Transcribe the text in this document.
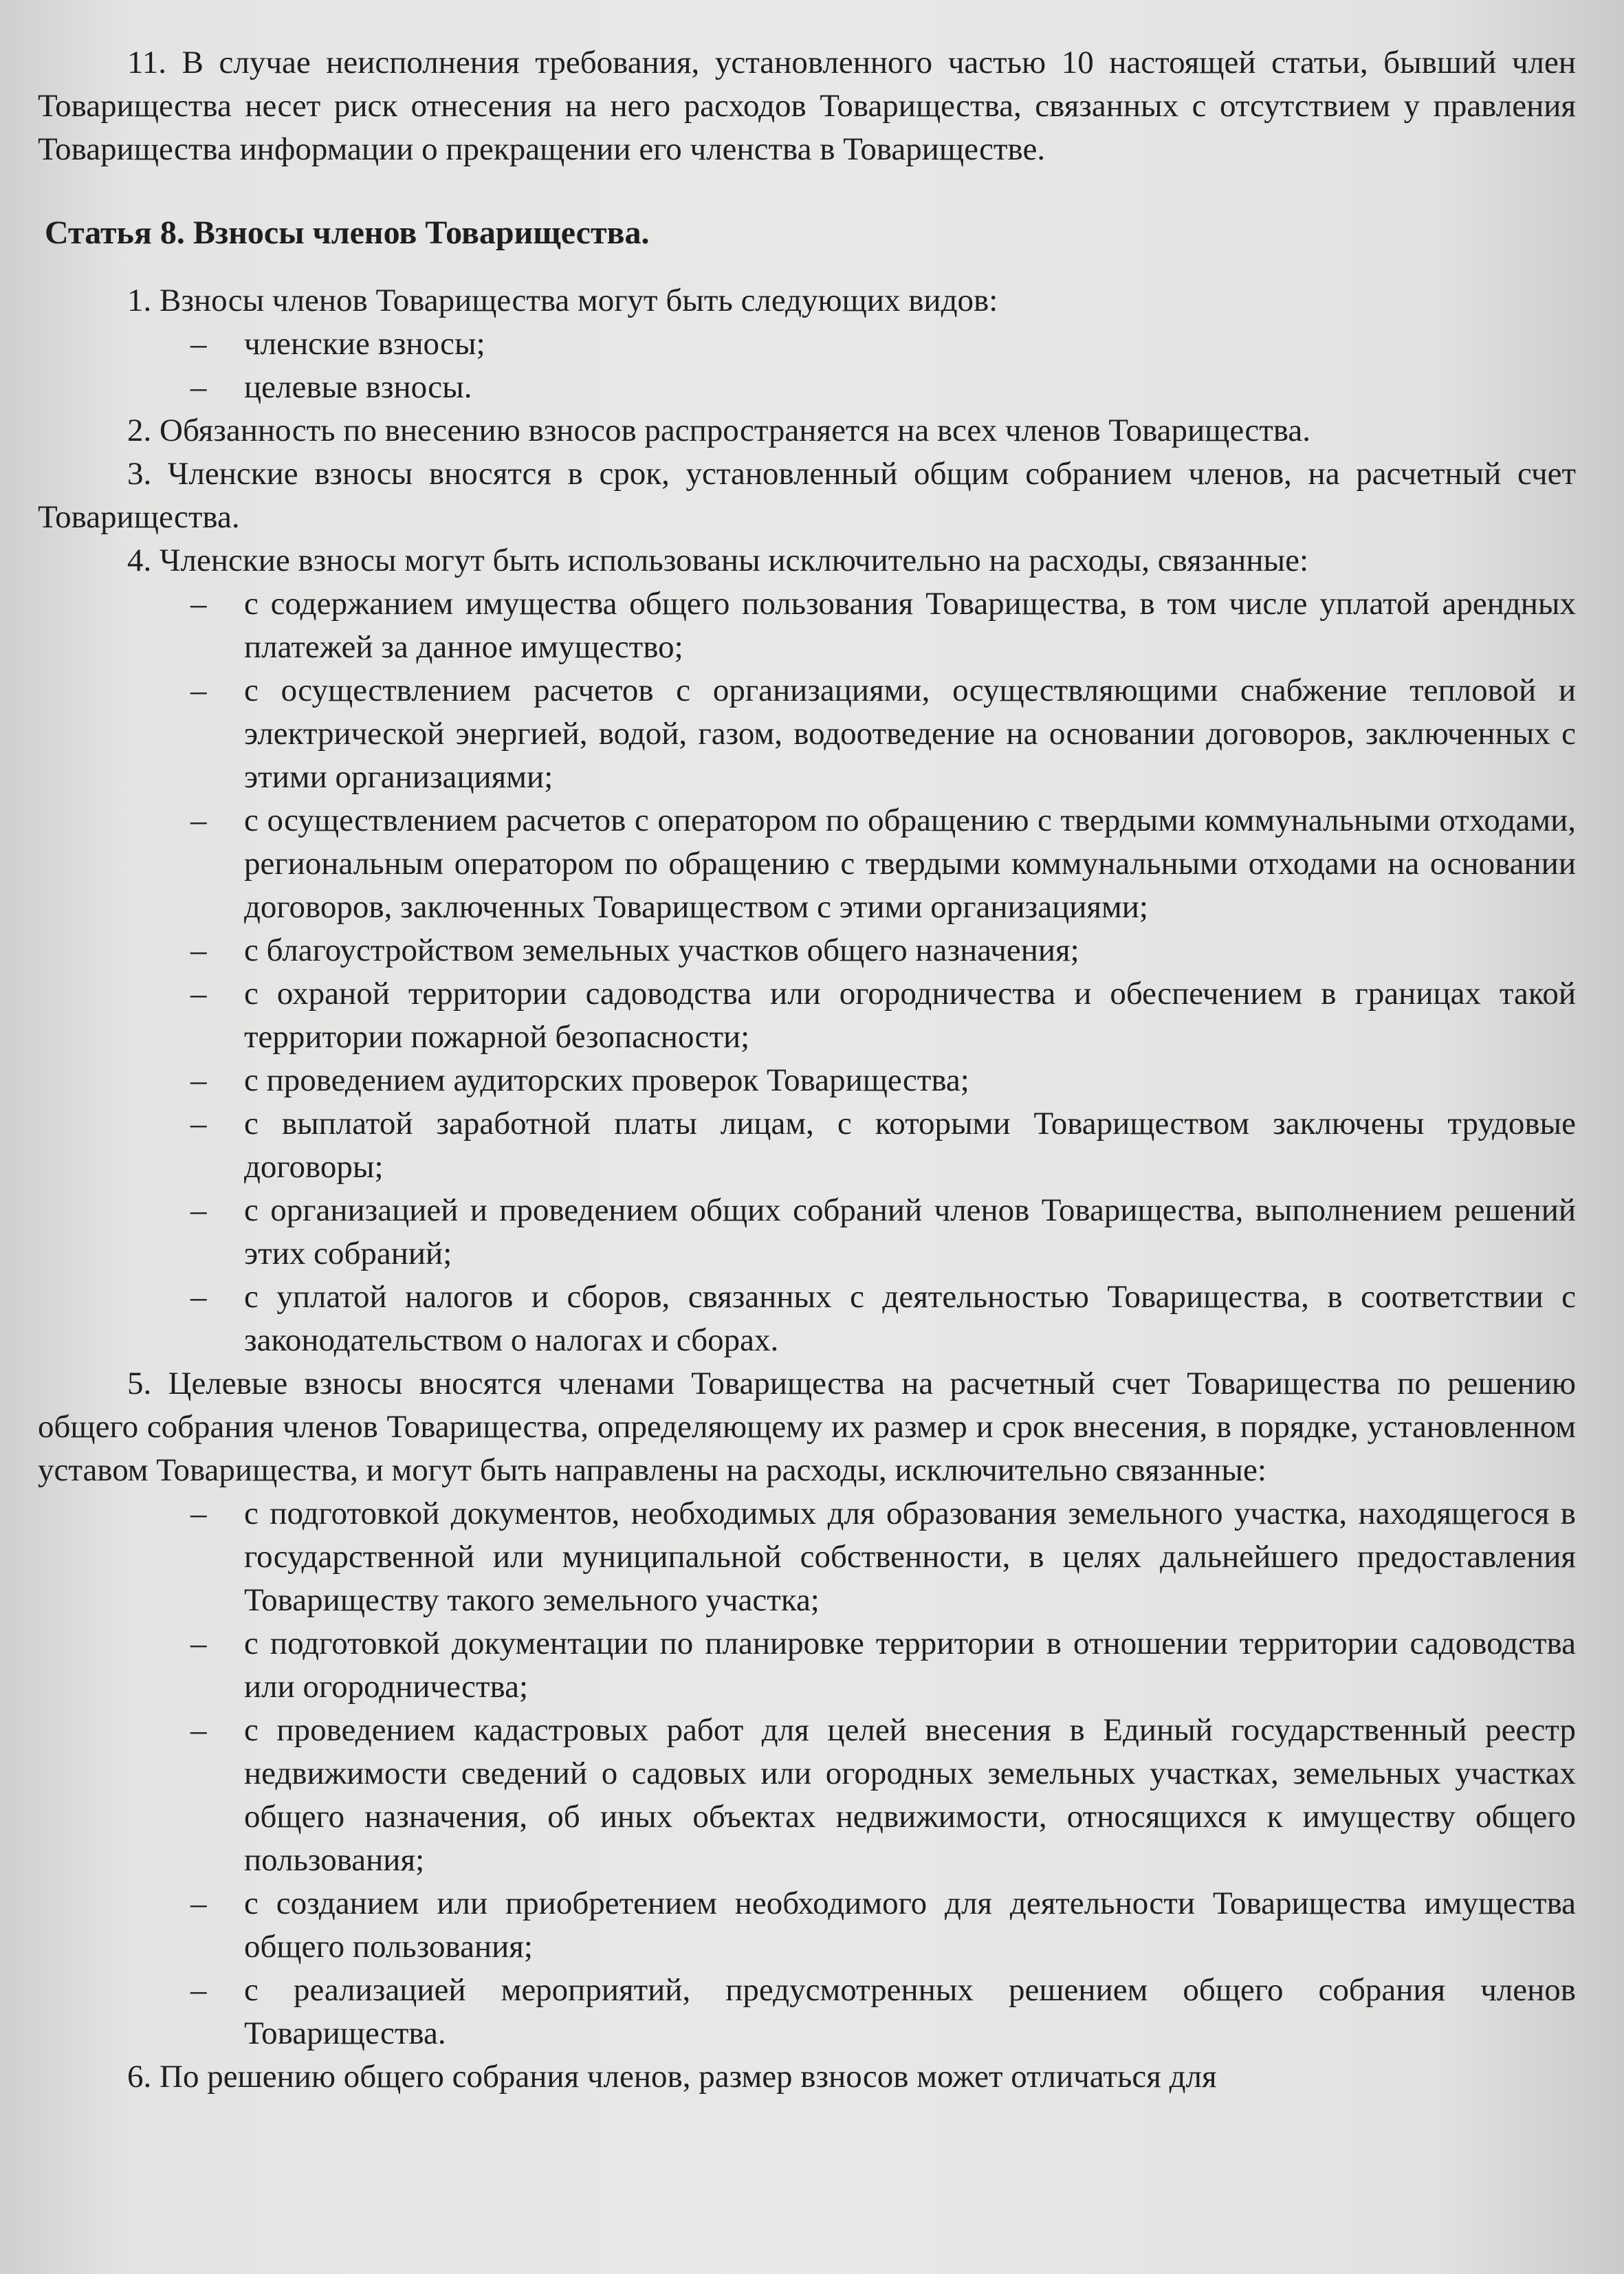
11. В случае неисполнения требования, установленного частью 10 настоящей статьи, бывший член Товарищества несет риск отнесения на него расходов Товарищества, связанных с отсутствием у правления Товарищества информации о прекращении его членства в Товариществе.

Статья 8. Взносы членов Товарищества.

1. Взносы членов Товарищества могут быть следующих видов:

– членские взносы;
– целевые взносы.

2. Обязанность по внесению взносов распространяется на всех членов Товарищества.

3. Членские взносы вносятся в срок, установленный общим собранием членов, на расчетный счет Товарищества.

4. Членские взносы могут быть использованы исключительно на расходы, связанные:

– с содержанием имущества общего пользования Товарищества, в том числе уплатой арендных платежей за данное имущество;
– с осуществлением расчетов с организациями, осуществляющими снабжение тепловой и электрической энергией, водой, газом, водоотведение на основании договоров, заключенных с этими организациями;
– с осуществлением расчетов с оператором по обращению с твердыми коммунальными отходами, региональным оператором по обращению с твердыми коммунальными отходами на основании договоров, заключенных Товариществом с этими организациями;
– с благоустройством земельных участков общего назначения;
– с охраной территории садоводства или огородничества и обеспечением в границах такой территории пожарной безопасности;
– с проведением аудиторских проверок Товарищества;
– с выплатой заработной платы лицам, с которыми Товариществом заключены трудовые договоры;
– с организацией и проведением общих собраний членов Товарищества, выполнением решений этих собраний;
– с уплатой налогов и сборов, связанных с деятельностью Товарищества, в соответствии с законодательством о налогах и сборах.

5. Целевые взносы вносятся членами Товарищества на расчетный счет Товарищества по решению общего собрания членов Товарищества, определяющему их размер и срок внесения, в порядке, установленном уставом Товарищества, и могут быть направлены на расходы, исключительно связанные:

– с подготовкой документов, необходимых для образования земельного участка, находящегося в государственной или муниципальной собственности, в целях дальнейшего предоставления Товариществу такого земельного участка;
– с подготовкой документации по планировке территории в отношении территории садоводства или огородничества;
– с проведением кадастровых работ для целей внесения в Единый государственный реестр недвижимости сведений о садовых или огородных земельных участках, земельных участках общего назначения, об иных объектах недвижимости, относящихся к имуществу общего пользования;
– с созданием или приобретением необходимого для деятельности Товарищества имущества общего пользования;
– с реализацией мероприятий, предусмотренных решением общего собрания членов Товарищества.

6. По решению общего собрания членов, размер взносов может отличаться для
